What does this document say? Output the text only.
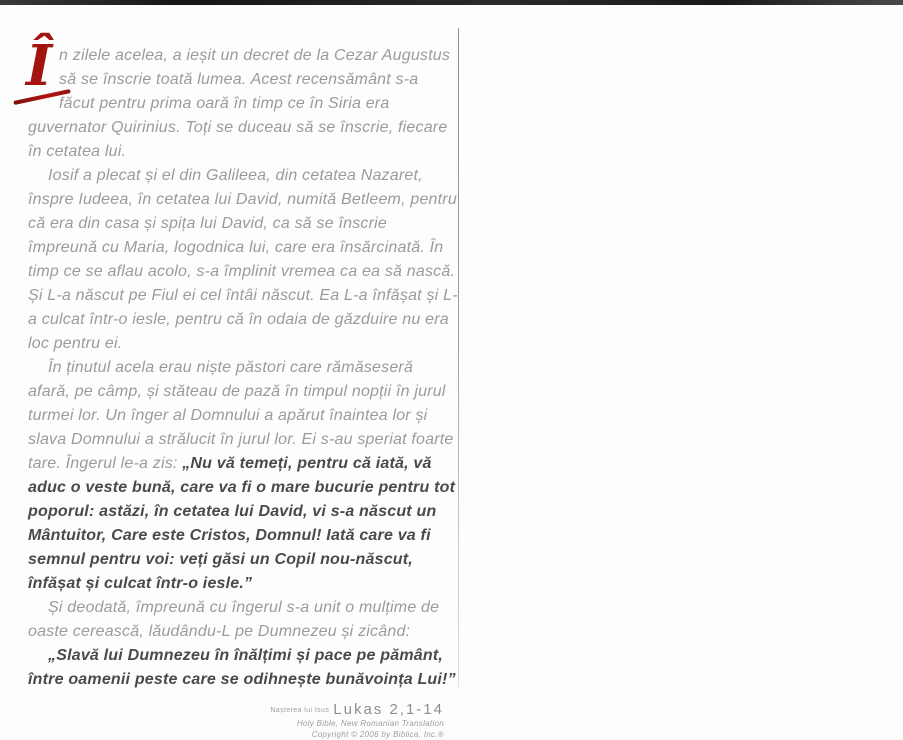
Î n zilele acelea, a ieșit un decret de la Cezar Augustus să se înscrie toată lumea. Acest recensământ s-a făcut pentru prima oară în timp ce în Siria era guvernator Quirinius. Toți se duceau să se înscrie, fiecare în cetatea lui.

Iosif a plecat și el din Galileea, din cetatea Nazaret, înspre Iudeea, în cetatea lui David, numită Betleem, pentru că era din casa și spița lui David, ca să se înscrie împreună cu Maria, logodnica lui, care era însărcinată. În timp ce se aflau acolo, s-a împlinit vremea ca ea să nască. Și L-a născut pe Fiul ei cel întâi născut. Ea L-a înfășat și L-a culcat într-o iesle, pentru că în odaia de găzduire nu era loc pentru ei.

În ținutul acela erau niște păstori care rămăseseră afară, pe câmp, și stăteau de pază în timpul nopții în jurul turmei lor. Un înger al Domnului a apărut înaintea lor și slava Domnului a strălucit în jurul lor. Ei s-au speriat foarte tare. Îngerul le-a zis: „Nu vă temeți, pentru că iată, vă aduc o veste bună, care va fi o mare bucurie pentru tot poporul: astăzi, în cetatea lui David, vi s-a născut un Mântuitor, Care este Cristos, Domnul! Iată care va fi semnul pentru voi: veți găsi un Copil nou-născut, înfășat și culcat într-o iesle.”

Și deodată, împreună cu îngerul s-a unit o mulțime de oaste cerească, lăudându-L pe Dumnezeu și zicând:

„Slavă lui Dumnezeu în înălțimi și pace pe pământ, între oamenii peste care se odihnește bunăvoința Lui!”

Nașterea lui Isus Lukas 2,1-14
Holy Bible, New Romanian Translation
Copyright © 2006 by Biblica, Inc.®
